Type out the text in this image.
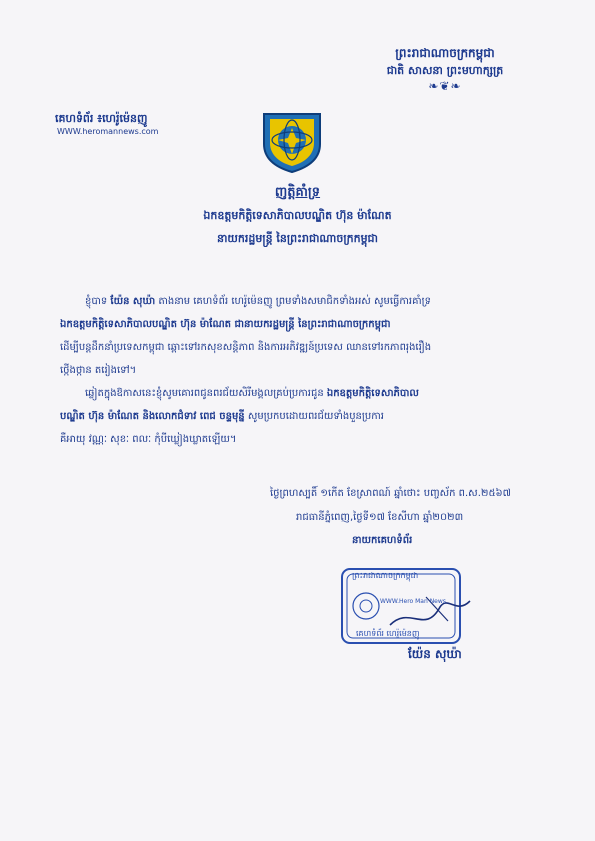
ព្រះរាជាណាចក្រកម្ពុជា
ជាតិ សាសនា ព្រះមហាក្សត្រ
❧❦❧
គេហទំព័រ ៖ហេរ៉ូម៉េនញូ
WWW.heromannews.com
ញត្តិគាំទ្រ
ឯកឧត្តមកិត្តិទេសាភិបាលបណ្ឌិត ហ៊ុន ម៉ាណែត
នាយករដ្ឋមន្ត្រី នៃព្រះរាជាណាចក្រកម្ពុជា
ខ្ញុំបាទ យ៉ែន សុឃ៉ា តាងនាម គេហទំព័រ ហេរ៉ូម៉េនញូ ព្រមទាំងសមាជិកទាំងអស់ សូមធ្វើការគាំទ្រ
ឯកឧត្តមកិត្តិទេសាភិបាលបណ្ឌិត ហ៊ុន ម៉ាណែត ជានាយករដ្ឋមន្ត្រី នៃព្រះរាជាណាចក្រកម្ពុជា
ដើម្បីបន្តដឹកនាំប្រទេសកម្ពុជា ឆ្ពោះទៅរកសុខសន្តិភាព និងការអភិវឌ្ឍន៍ប្រទេស ឈានទៅរកភាពរុងរឿង
ថ្កើងថ្កាន តរៀងទៅ។
ឆ្លៀតក្នុងឱកាសនេះខ្ញុំសូមគោរពជូនពរជ័យសិរីមង្គលគ្រប់ប្រការជូន ឯកឧត្តមកិត្តិទេសាភិបាល
បណ្ឌិត ហ៊ុន ម៉ាណែត និងលោកជំទាវ ពេជ ចន្ទមុន្នី សូមប្រកបដោយពរជ័យទាំងបួនប្រការ
គឺអាយុ វណ្ណៈ សុខៈ ពលៈ កុំបីឃ្លៀងឃ្លាតឡើយ។
ថ្ងៃព្រហស្បតិ៍ ១កើត ខែស្រាពណ៍ ឆ្នាំថោះ បញ្ចស័ក ព.ស.២៥៦៧
រាជធានីភ្នំពេញ,ថ្ងៃទី១៧ ខែសីហា ឆ្នាំ២០២៣
នាយកគេហទំព័រ
ព្រះរាជាណាចក្រកម្ពុជា
WWW.Hero Man News
គេហទំព័រ ហេរ៉ូម៉េនញូ
យ៉ែន សុឃ៉ា
